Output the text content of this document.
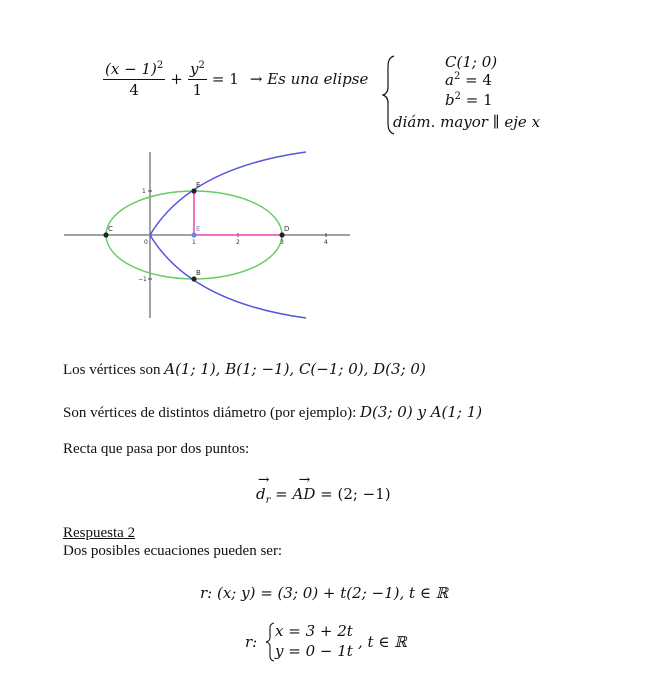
$\frac{(x - 1)^2}{4} + \frac{y^2}{1} = 1 \to Es$ una elipse
C(1; 0)
$a^2 = 4$
$b^2 = 1$
diám. mayor ∥ eje x
C
B
E
E	D
0	1	2	3	4
1
−1
Los vértices son A(1; 1), B(1; −1), C(−1; 0), D(3; 0)
Son vértices de distintos diámetro (por ejemplo): D(3; 0) y A(1; 1)
Recta que pasa por dos puntos:
→ $d_r$ = → AD = (2; −1)
Respuesta 2
Dos posibles ecuaciones pueden ser:
r: (x; y) = (3; 0) + t(2; −1), t ∈ ℝ
r:
x = 3 + 2t
y = 0 − 1t , t ∈ ℝ
